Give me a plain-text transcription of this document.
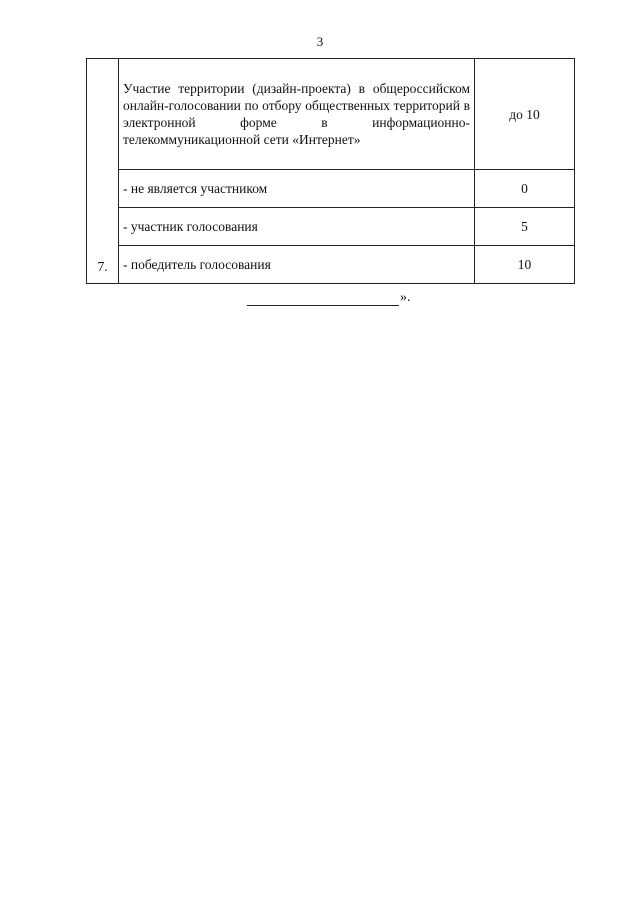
3
7.	Участие территории (дизайн-проекта) в общероссийском онлайн-голосовании по отбору общественных территорий в электронной форме в информационно-телекоммуникационной сети «Интернет»	до 10
	- не является участником	0
	- участник голосования	5
	- победитель голосования	10
».
